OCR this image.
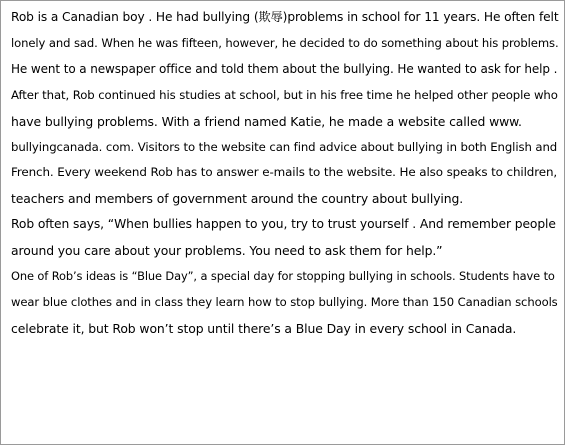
Rob is a Canadian boy . He had bullying (欺辱)problems in school for 11 years. He often felt
lonely and sad. When he was fifteen, however, he decided to do something about his problems.
He went to a newspaper office and told them about the bullying. He wanted to ask for help .
After that, Rob continued his studies at school, but in his free time he helped other people who
have bullying problems. With a friend named Katie, he made a website called www.
bullyingcanada. com. Visitors to the website can find advice about bullying in both English and
French. Every weekend Rob has to answer e-mails to the website. He also speaks to children,
teachers and members of government around the country about bullying.
Rob often says, “When bullies happen to you, try to trust yourself . And remember people
around you care about your problems. You need to ask them for help.”
One of Rob’s ideas is “Blue Day”, a special day for stopping bullying in schools. Students have to
wear blue clothes and in class they learn how to stop bullying. More than 150 Canadian schools
celebrate it, but Rob won’t stop until there’s a Blue Day in every school in Canada.
